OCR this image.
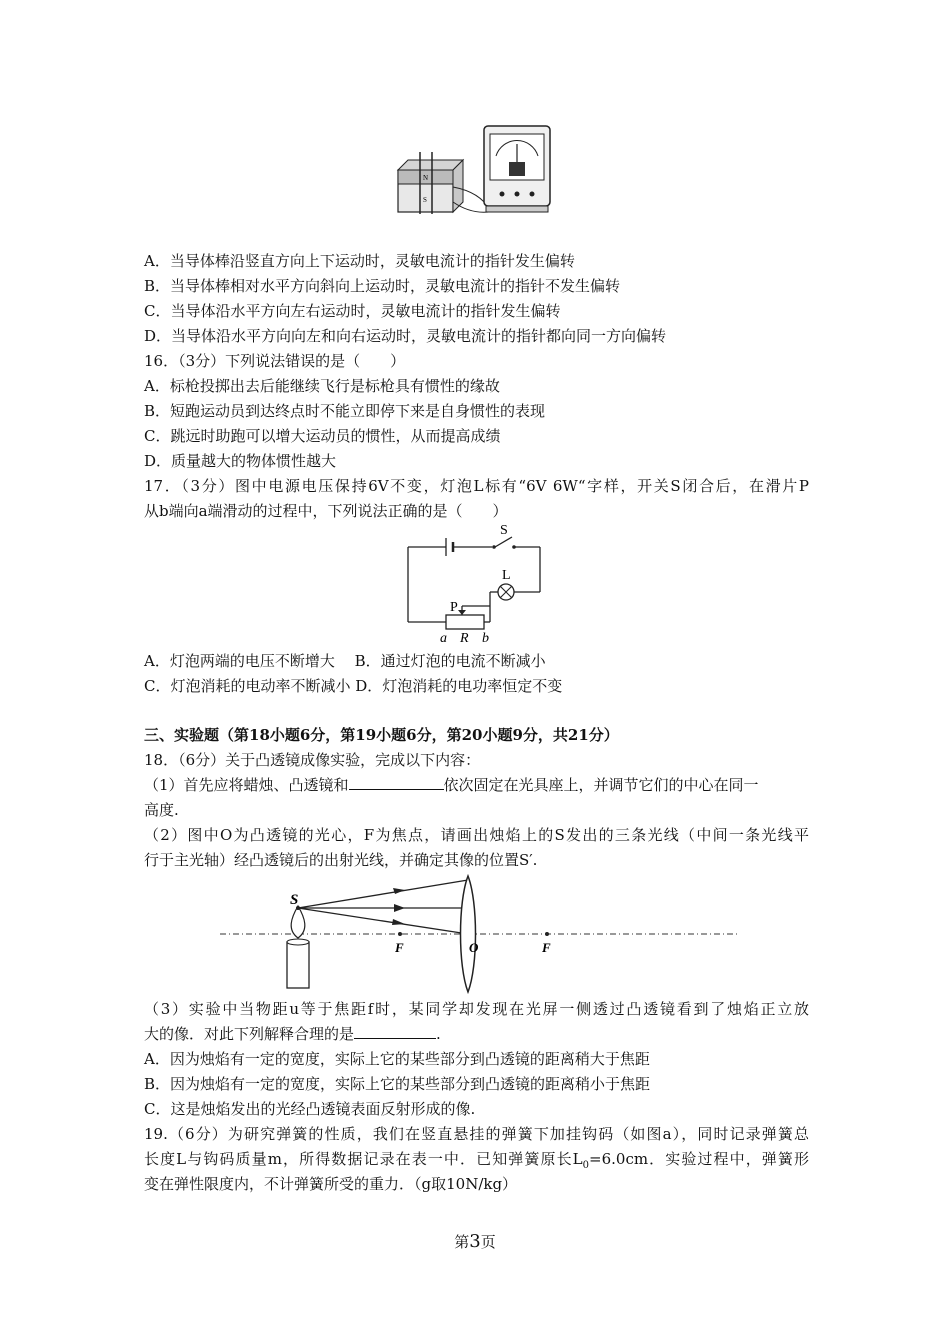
N
S
A．当导体棒沿竖直方向上下运动时，灵敏电流计的指针发生偏转
B．当导体棒相对水平方向斜向上运动时，灵敏电流计的指针不发生偏转
C．当导体沿水平方向左右运动时，灵敏电流计的指针发生偏转
D．当导体沿水平方向向左和向右运动时，灵敏电流计的指针都向同一方向偏转
16．（3分）下列说法错误的是（　　）
A．标枪投掷出去后能继续飞行是标枪具有惯性的缘故
B．短跑运动员到达终点时不能立即停下来是自身惯性的表现
C．跳远时助跑可以增大运动员的惯性，从而提高成绩
D．质量越大的物体惯性越大
17．（3分）图中电源电压保持6V不变，灯泡L标有“6V 6W“字样，开关S闭合后，在滑片P
从b端向a端滑动的过程中，下列说法正确的是（　　）
S
L
P
a R b
A．灯泡两端的电压不断增大　 B．通过灯泡的电流不断减小
C．灯泡消耗的电动率不断减小 D．灯泡消耗的电功率恒定不变
三、实验题（第18小题6分，第19小题6分，第20小题9分，共21分）
18．（6分）关于凸透镜成像实验，完成以下内容：
（1）首先应将蜡烛、凸透镜和	依次固定在光具座上，并调节它们的中心在同一
高度.
（2）图中O为凸透镜的光心，F为焦点，请画出烛焰上的S发出的三条光线（中间一条光线平
行于主光轴）经凸透镜后的出射光线，并确定其像的位置S′.
S
F	O	F
（3）实验中当物距u等于焦距f时，某同学却发现在光屏一侧透过凸透镜看到了烛焰正立放
大的像．对此下列解释合理的是	.
A．因为烛焰有一定的宽度，实际上它的某些部分到凸透镜的距离稍大于焦距
B．因为烛焰有一定的宽度，实际上它的某些部分到凸透镜的距离稍小于焦距
C．这是烛焰发出的光经凸透镜表面反射形成的像.
19.（6分）为研究弹簧的性质，我们在竖直悬挂的弹簧下加挂钩码（如图a），同时记录弹簧总
长度L与钩码质量m，所得数据记录在表一中．已知弹簧原长$L_0=6.0cm$．实验过程中，弹簧形
变在弹性限度内，不计弹簧所受的重力．（g取10N/kg）
第3页
